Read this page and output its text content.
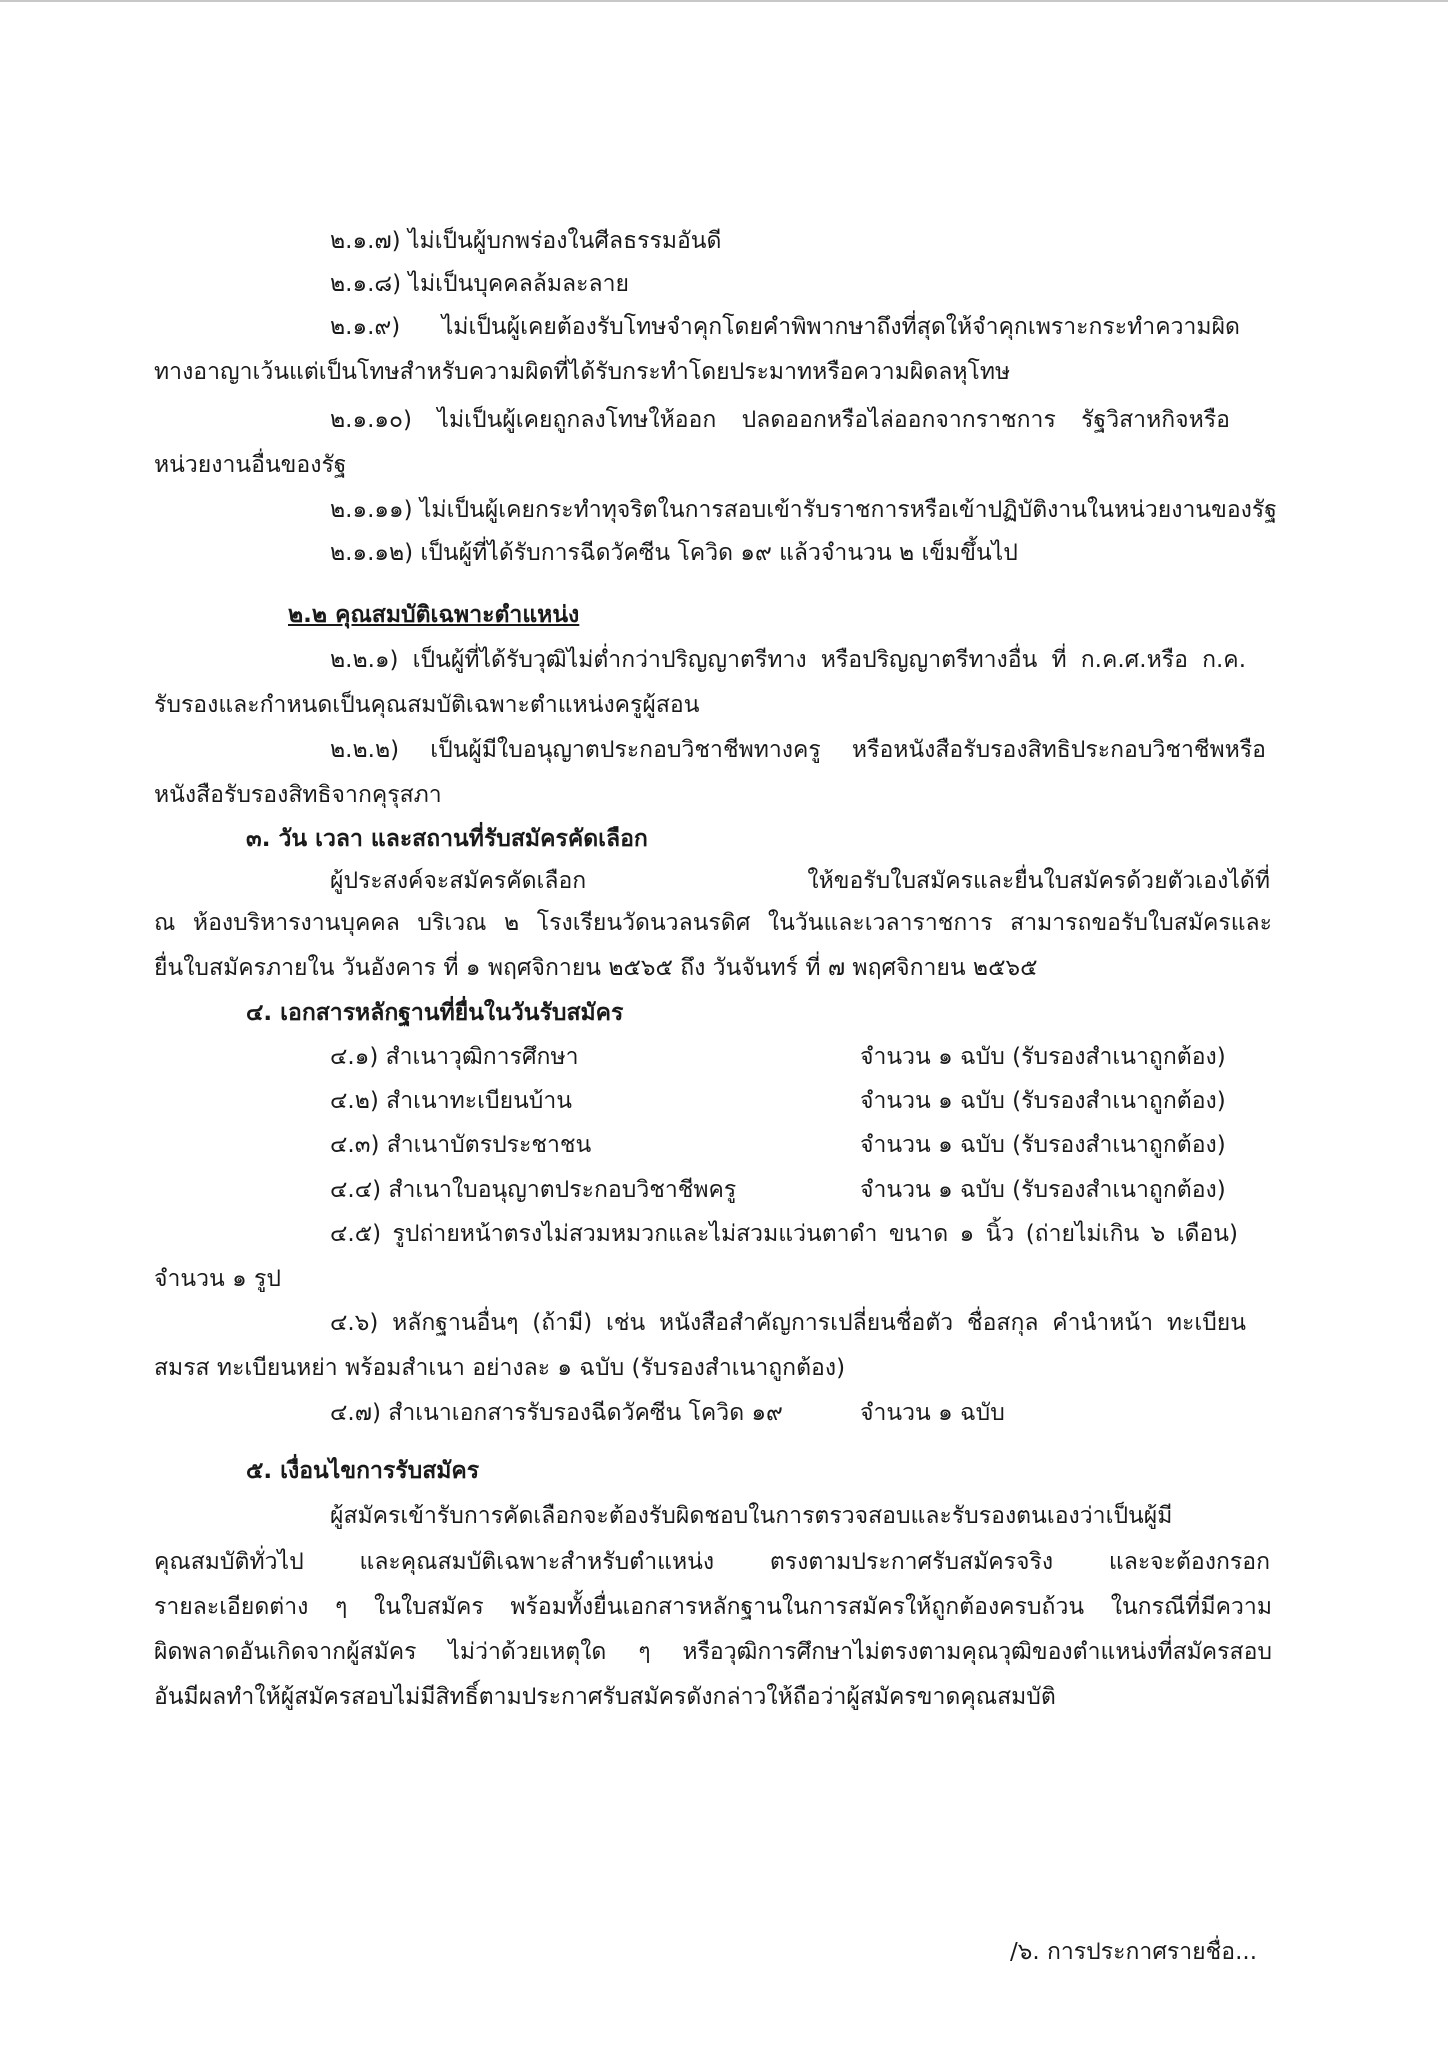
๒.๑.๗) ไม่เป็นผู้บกพร่องในศีลธรรมอันดี
๒.๑.๘) ไม่เป็นบุคคลล้มละลาย
๒.๑.๙) ไม่เป็นผู้เคยต้องรับโทษจำคุกโดยคำพิพากษาถึงที่สุดให้จำคุกเพราะกระทำความผิด
ทางอาญาเว้นแต่เป็นโทษสำหรับความผิดที่ได้รับกระทำโดยประมาทหรือความผิดลหุโทษ
๒.๑.๑๐) ไม่เป็นผู้เคยถูกลงโทษให้ออก ปลดออกหรือไล่ออกจากราชการ รัฐวิสาหกิจหรือ
หน่วยงานอื่นของรัฐ
๒.๑.๑๑) ไม่เป็นผู้เคยกระทำทุจริตในการสอบเข้ารับราชการหรือเข้าปฏิบัติงานในหน่วยงานของรัฐ
๒.๑.๑๒) เป็นผู้ที่ได้รับการฉีดวัคซีน โควิด ๑๙ แล้วจำนวน ๒ เข็มขึ้นไป
๒.๒ คุณสมบัติเฉพาะตำแหน่ง
๒.๒.๑) เป็นผู้ที่ได้รับวุฒิไม่ต่ำกว่าปริญญาตรีทาง หรือปริญญาตรีทางอื่น ที่ ก.ค.ศ.หรือ ก.ค.
รับรองและกำหนดเป็นคุณสมบัติเฉพาะตำแหน่งครูผู้สอน
๒.๒.๒) เป็นผู้มีใบอนุญาตประกอบวิชาชีพทางครู หรือหนังสือรับรองสิทธิประกอบวิชาชีพหรือ
หนังสือรับรองสิทธิจากคุรุสภา
๓. วัน เวลา และสถานที่รับสมัครคัดเลือก
ผู้ประสงค์จะสมัครคัดเลือก ให้ขอรับใบสมัครและยื่นใบสมัครด้วยตัวเองได้ที่
ณ ห้องบริหารงานบุคคล บริเวณ ๒ โรงเรียนวัดนวลนรดิศ ในวันและเวลาราชการ สามารถขอรับใบสมัครและ
ยื่นใบสมัครภายใน วันอังคาร ที่ ๑ พฤศจิกายน ๒๕๖๕ ถึง วันจันทร์ ที่ ๗ พฤศจิกายน ๒๕๖๕
๔. เอกสารหลักฐานที่ยื่นในวันรับสมัคร
๔.๑) สำเนาวุฒิการศึกษา	จำนวน ๑ ฉบับ (รับรองสำเนาถูกต้อง)
๔.๒) สำเนาทะเบียนบ้าน	จำนวน ๑ ฉบับ (รับรองสำเนาถูกต้อง)
๔.๓) สำเนาบัตรประชาชน	จำนวน ๑ ฉบับ (รับรองสำเนาถูกต้อง)
๔.๔) สำเนาใบอนุญาตประกอบวิชาชีพครู	จำนวน ๑ ฉบับ (รับรองสำเนาถูกต้อง)
๔.๕) รูปถ่ายหน้าตรงไม่สวมหมวกและไม่สวมแว่นตาดำ ขนาด ๑ นิ้ว (ถ่ายไม่เกิน ๖ เดือน)
จำนวน ๑ รูป
๔.๖) หลักฐานอื่นๆ (ถ้ามี) เช่น หนังสือสำคัญการเปลี่ยนชื่อตัว ชื่อสกุล คำนำหน้า ทะเบียน
สมรส ทะเบียนหย่า พร้อมสำเนา อย่างละ ๑ ฉบับ (รับรองสำเนาถูกต้อง)
๔.๗) สำเนาเอกสารรับรองฉีดวัคซีน โควิด ๑๙	จำนวน ๑ ฉบับ
๕. เงื่อนไขการรับสมัคร
ผู้สมัครเข้ารับการคัดเลือกจะต้องรับผิดชอบในการตรวจสอบและรับรองตนเองว่าเป็นผู้มี
คุณสมบัติทั่วไป และคุณสมบัติเฉพาะสำหรับตำแหน่ง ตรงตามประกาศรับสมัครจริง และจะต้องกรอก
รายละเอียดต่าง ๆ ในใบสมัคร พร้อมทั้งยื่นเอกสารหลักฐานในการสมัครให้ถูกต้องครบถ้วน ในกรณีที่มีความ
ผิดพลาดอันเกิดจากผู้สมัคร ไม่ว่าด้วยเหตุใด ๆ หรือวุฒิการศึกษาไม่ตรงตามคุณวุฒิของตำแหน่งที่สมัครสอบ
อันมีผลทำให้ผู้สมัครสอบไม่มีสิทธิ์ตามประกาศรับสมัครดังกล่าวให้ถือว่าผู้สมัครขาดคุณสมบัติ
/๖. การประกาศรายชื่อ...
